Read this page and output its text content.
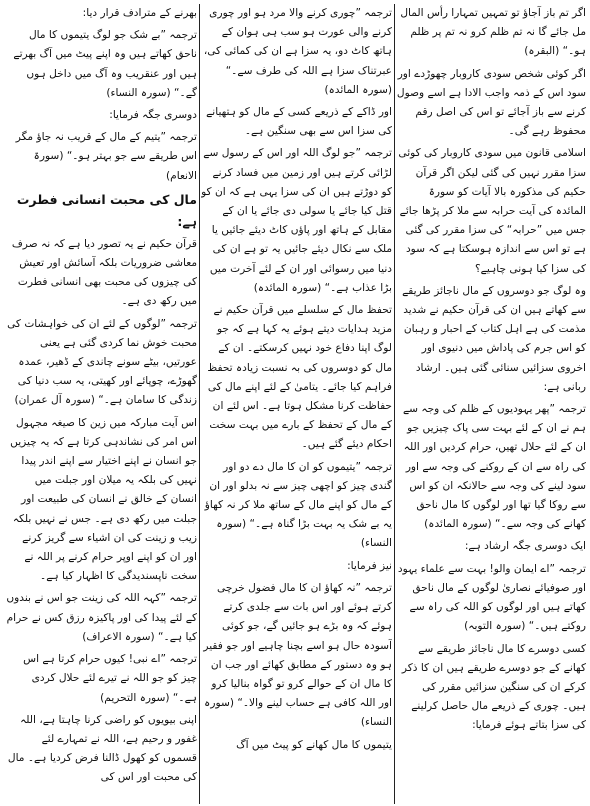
اگر تم باز آجاؤ تو تمہیں تمہارا رأس المال مل جائے گا نہ تم ظلم کرو نہ تم پر ظلم ہو۔“ (البقرہ)

اگر کوئی شخص سودی کاروبار چھوڑدے اور سود اس کے ذمہ واجب الادا ہے اسے وصول کرنے سے باز آجائے تو اس کی اصل رقم محفوظ رہے گی۔

اسلامی قانون میں سودی کاروبار کی کوئی سزا مقرر نہیں کی گئی لیکن اگر قرآن حکیم کی مذکورہ بالا آیات کو سورۃ المائدہ کی آیت حرابہ سے ملا کر پڑھا جائے جس میں ”حرابہ“ کی سزا مقرر کی گئی ہے تو اس سے اندازہ ہوسکتا ہے کہ سود کی سزا کیا ہونی چاہیے؟

وہ لوگ جو دوسروں کے مال ناجائز طریقے سے کھاتے ہیں ان کی قرآن حکیم نے شدید مذمت کی ہے اہل کتاب کے احبار و رہبان کو اس جرم کی پاداش میں دنیوی اور اخروی سزائیں سنائی گئی ہیں۔ ارشاد ربانی ہے:

ترجمہ ”پھر یہودیوں کے ظلم کی وجہ سے ہم نے ان کے لئے بہت سی پاک چیزیں جو ان کے لئے حلال تھیں، حرام کردیں اور اللہ کی راہ سے ان کے روکنے کی وجہ سے اور سود لینے کی وجہ سے حالانکہ ان کو اس سے روکا گیا تھا اور لوگوں کا مال ناحق کھانے کی وجہ سے۔“ (سورہ المائدہ)

ایک دوسری جگہ ارشاد ہے:

ترجمہ ”اے ایمان والو! بہت سے علماء یہود اور صوفیائے نصاریٰ لوگوں کے مال ناحق کھاتے ہیں اور لوگوں کو اللہ کی راہ سے روکتے ہیں۔“ (سورہ التوبہ)

کسی دوسرے کا مال ناجائز طریقے سے کھانے کے جو دوسرے طریقے ہیں ان کا ذکر کرکے ان کی سنگین سزائیں مقرر کی ہیں۔ چوری کے ذریعے مال حاصل کرلینے کی سزا بتاتے ہوئے فرمایا:

ترجمہ ”چوری کرنے والا مرد ہو اور چوری کرنے والی عورت ہو سب ہی ہوان کے ہاتھ کاٹ دو، یہ سزا ہے ان کی کمائی کی، عبرتناک سزا ہے اللہ کی طرف سے۔“ (سورہ المائدہ)

اور ڈاکے کے ذریعے کسی کے مال کو ہتھیانے کی سزا اس سے بھی سنگین ہے۔

ترجمہ ”جو لوگ اللہ اور اس کے رسول سے لڑائی کرتے ہیں اور زمین میں فساد کرنے کو دوڑتے ہیں ان کی سزا یہی ہے کہ ان کو قتل کیا جائے یا سولی دی جائے یا ان کے مقابل کے ہاتھ اور پاؤں کاٹ دیئے جائیں یا ملک سے نکال دیئے جائیں یہ تو ہے ان کی دنیا میں رسوائی اور ان کے لئے آخرت میں بڑا عذاب ہے۔“ (سورہ المائدہ)

تحفظ مال کے سلسلے میں قرآن حکیم نے مزید ہدایات دیتے ہوئے یہ کہا ہے کہ جو لوگ اپنا دفاع خود نہیں کرسکتے۔ ان کے مال کو دوسروں کی بہ نسبت زیادہ تحفظ فراہم کیا جائے۔ یتامیٰ کے لئے اپنے مال کی حفاظت کرنا مشکل ہوتا ہے۔ اس لئے ان کے مال کے تحفظ کے بارے میں بہت سخت احکام دیئے گئے ہیں۔

ترجمہ ”یتیموں کو ان کا مال دے دو اور گندی چیز کو اچھی چیز سے نہ بدلو اور ان کے مال کو اپنے مال کے ساتھ ملا کر نہ کھاؤ یہ بے شک یہ بہت بڑا گناہ ہے۔“ (سورہ النساء)

نیز فرمایا:

ترجمہ ”نہ کھاؤ ان کا مال فضول خرچی کرتے ہوئے اور اس بات سے جلدی کرتے ہوئے کہ وہ بڑے ہو جائیں گے، جو کوئی آسودہ حال ہو اسے بچنا چاہیے اور جو فقیر ہو وہ دستور کے مطابق کھائے اور جب ان کا مال ان کے حوالے کرو تو گواہ بنالیا کرو اور اللہ کافی ہے حساب لینے والا۔“ (سورہ النساء)

یتیموں کا مال کھانے کو پیٹ میں آگ

بھرنے کے مترادف قرار دیا:

ترجمہ ”بے شک جو لوگ یتیموں کا مال ناحق کھاتے ہیں وہ اپنے پیٹ میں آگ بھرتے ہیں اور عنقریب وہ آگ میں داخل ہوں گے۔“ (سورہ النساء)

دوسری جگہ فرمایا:

ترجمہ ”یتیم کے مال کے قریب نہ جاؤ مگر اس طریقے سے جو بہتر ہو۔“ (سورۃ الانعام)

مال کی محبت انسانی فطرت ہے:

قرآن حکیم نے یہ تصور دیا ہے کہ نہ صرف معاشی ضروریات بلکہ آسائش اور تعیش کی چیزوں کی محبت بھی انسانی فطرت میں رکھ دی ہے۔

ترجمہ ”لوگوں کے لئے ان کی خواہشات کی محبت خوش نما کردی گئی ہے یعنی عورتیں، بیٹے سونے چاندی کے ڈھیر، عمدہ گھوڑے، چوپائے اور کھیتی، یہ سب دنیا کی زندگی کا سامان ہے۔“ (سورہ آل عمران)

اس آیت مبارکہ میں زین کا صیغہ مجہول اس امر کی نشاندہی کرتا ہے کہ یہ چیزیں جو انسان نے اپنے اختیار سے اپنے اندر پیدا نہیں کی بلکہ یہ میلان اور جبلت میں انسان کے خالق نے انسان کی طبیعت اور جبلت میں رکھ دی ہے۔ جس نے نہیں بلکہ زیب و زینت کی ان اشیاء سے گریز کرنے اور ان کو اپنے اوپر حرام کرنے پر اللہ نے سخت ناپسندیدگی کا اظہار کیا ہے۔

ترجمہ ”کہہ اللہ کی زینت جو اس نے بندوں کے لئے پیدا کی اور پاکیزہ رزق کس نے حرام کیا ہے۔“ (سورہ الاعراف)

ترجمہ ”اے نبی! کیوں حرام کرتا ہے اس چیز کو جو اللہ نے تیرے لئے حلال کردی ہے۔“ (سورہ التحریم)

اپنی بیویوں کو راضی کرنا چاہتا ہے، اللہ غفور و رحیم ہے، اللہ نے تمہارے لئے قسموں کو کھول ڈالنا فرض کردیا ہے۔ مال کی محبت اور اس کی
